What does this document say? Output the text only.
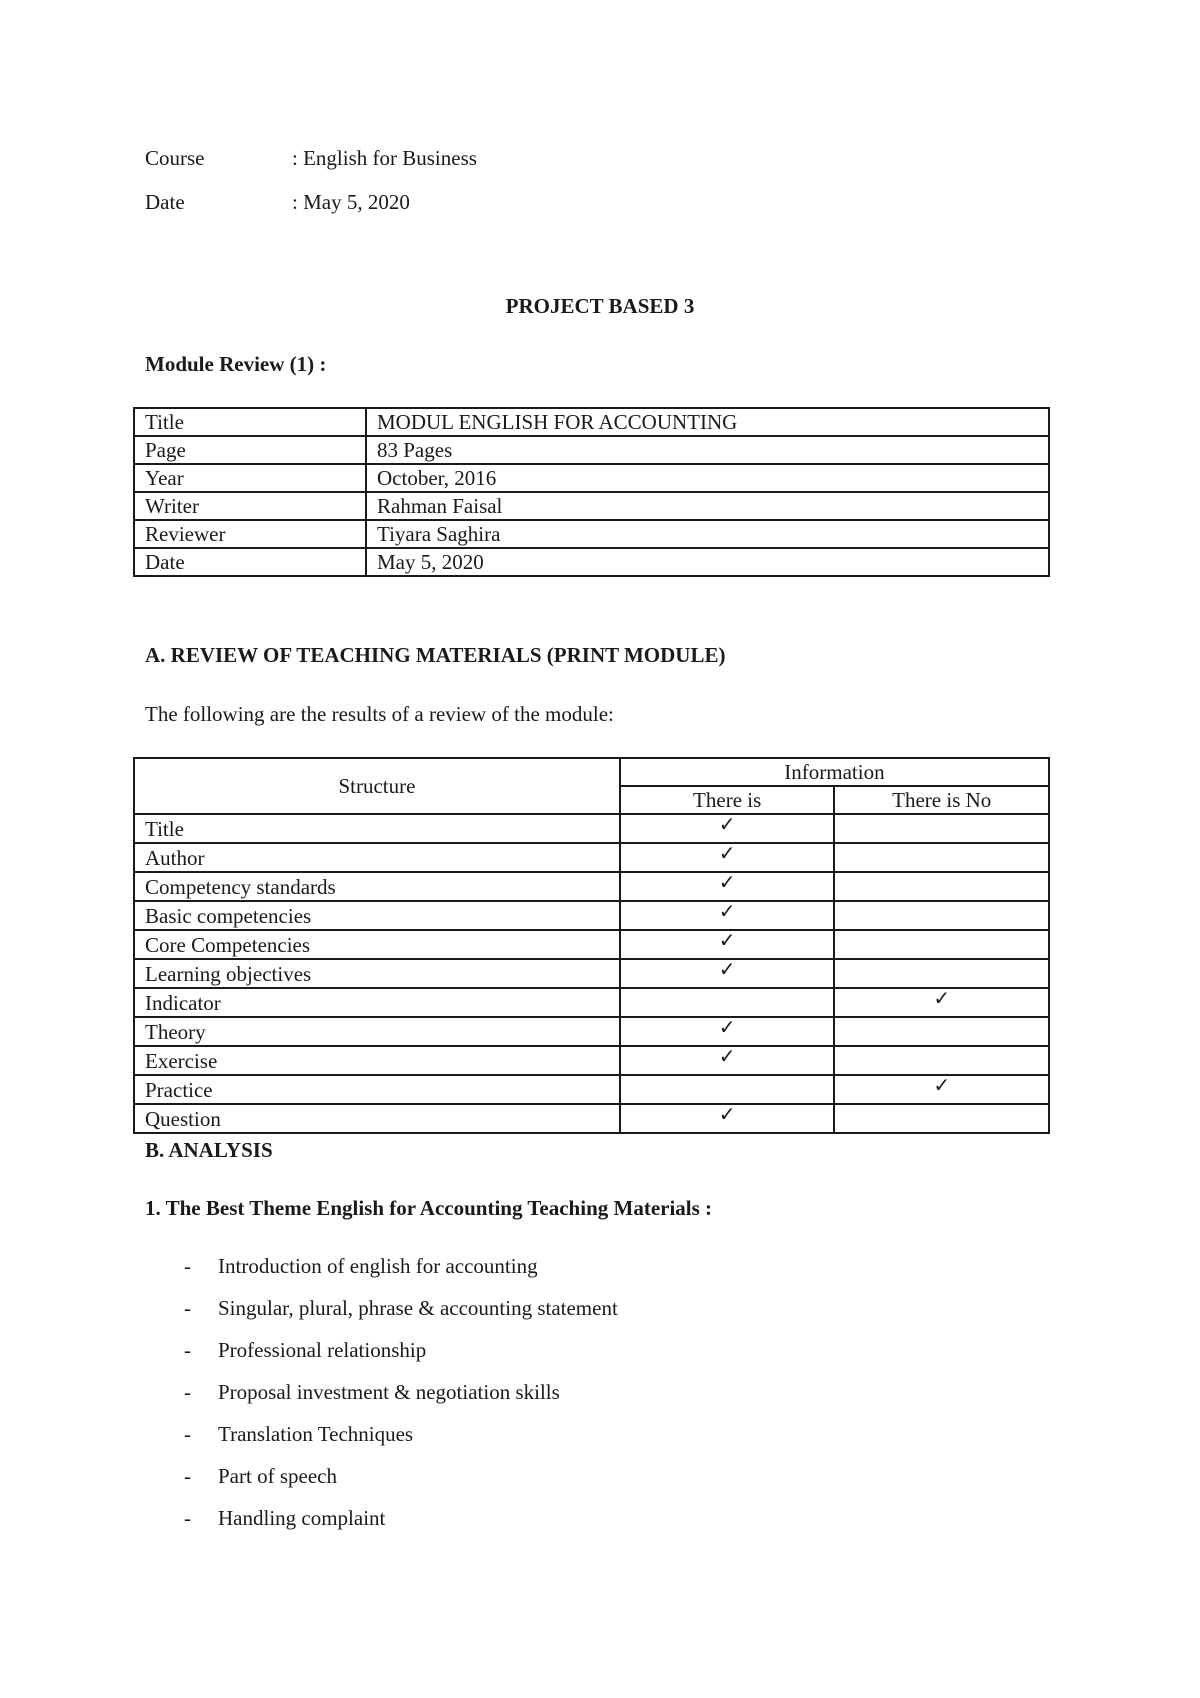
Course	: English for Business
Date	: May 5, 2020
PROJECT BASED 3
Module Review (1) :
Title	MODUL ENGLISH FOR ACCOUNTING
Page	83 Pages
Year	October, 2016
Writer	Rahman Faisal
Reviewer	Tiyara Saghira
Date	May 5, 2020
A. REVIEW OF TEACHING MATERIALS (PRINT MODULE)
The following are the results of a review of the module:
Structure	Information	
	There is	There is No
Title	✓	
Author	✓	
Competency standards	✓	
Basic competencies	✓	
Core Competencies	✓	
Learning objectives	✓	
Indicator		✓
Theory	✓	
Exercise	✓	
Practice		✓
Question	✓	
B. ANALYSIS
1. The Best Theme English for Accounting Teaching Materials :
- Introduction of english for accounting
- Singular, plural, phrase & accounting statement
- Professional relationship
- Proposal investment & negotiation skills
- Translation Techniques
- Part of speech
- Handling complaint
